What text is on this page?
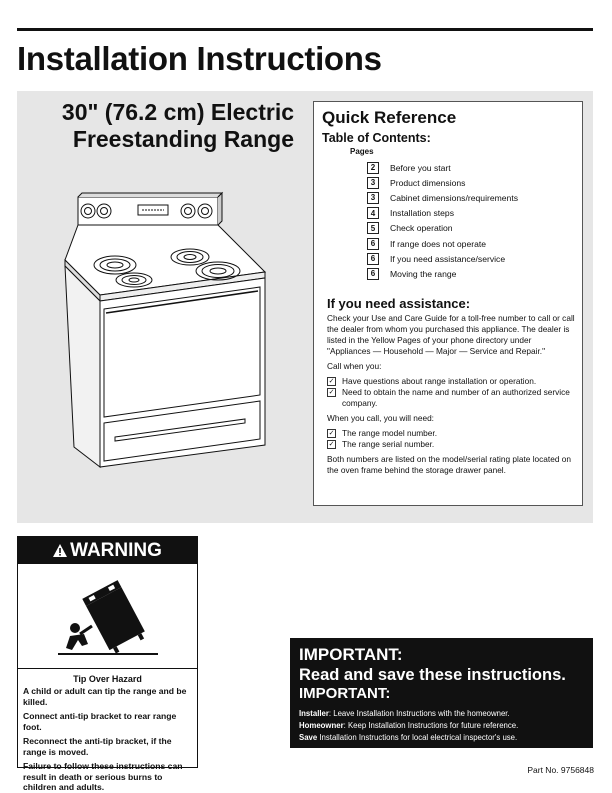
Installation Instructions
30" (76.2 cm) Electric
Freestanding Range
Quick Reference
Table of Contents:
Pages
2	Before you start
3	Product dimensions
3	Cabinet dimensions/requirements
4	Installation steps
5	Check operation
6	If range does not operate
6	If you need assistance/service
6	Moving the range
If you need assistance:

Check your Use and Care Guide for a toll-free number to call or call the dealer from whom you purchased this appliance. The dealer is listed in the Yellow Pages of your phone directory under "Appliances — Household — Major — Service and Repair."

Call when you:

✓ Have questions about range installation or operation.
✓ Need to obtain the name and number of an authorized service company.

When you call, you will need:

✓ The range model number.
✓ The range serial number.

Both numbers are listed on the model/serial rating plate located on the oven frame behind the storage drawer panel.

WARNING
Tip Over Hazard

A child or adult can tip the range and be killed.

Connect anti-tip bracket to rear range foot.

Reconnect the anti-tip bracket, if the range is moved.

Failure to follow these instructions can result in death or serious burns to children and adults.

IMPORTANT:
Read and save these instructions.
IMPORTANT:
Installer: Leave Installation Instructions with the homeowner.
Homeowner: Keep Installation Instructions for future reference.
Save Installation Instructions for local electrical inspector's use.
Part No. 9756848
